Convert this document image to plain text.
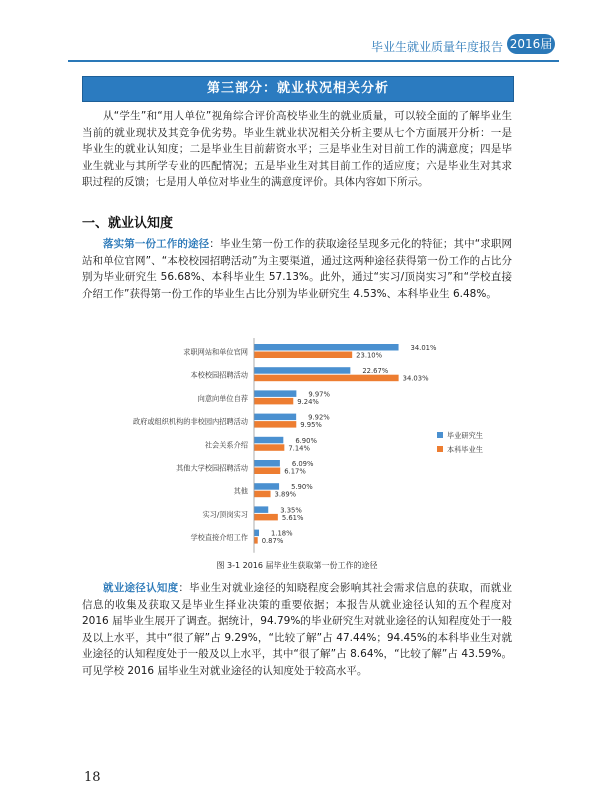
毕业生就业质量年度报告 2016届
第三部分：就业状况相关分析

从“学生”和“用人单位”视角综合评价高校毕业生的就业质量，可以较全面的了解毕业生当前的就业现状及其竞争优劣势。毕业生就业状况相关分析主要从七个方面展开分析：一是毕业生的就业认知度；二是毕业生目前薪资水平；三是毕业生对目前工作的满意度；四是毕业生就业与其所学专业的匹配情况；五是毕业生对其目前工作的适应度；六是毕业生对其求职过程的反馈；七是用人单位对毕业生的满意度评价。具体内容如下所示。

一、就业认知度

落实第一份工作的途径：毕业生第一份工作的获取途径呈现多元化的特征；其中“求职网站和单位官网”、“本校校园招聘活动”为主要渠道，通过这两种途径获得第一份工作的占比分别为毕业研究生 56.68%、本科毕业生 57.13%。此外，通过“实习/顶岗实习”和“学校直接介绍工作”获得第一份工作的毕业生占比分别为毕业研究生 4.53%、本科毕业生 6.48%。

求职网站和单位官网	34.01%
23.10%
本校校园招聘活动	22.67%
34.03%
向意向单位自荐	9.97%
9.24%
政府或组织机构的非校园内招聘活动	9.92%
9.95%
社会关系介绍	6.90%
7.14%
其他大学校园招聘活动	6.09%
6.17%
其他	5.90%
3.89%
实习/顶岗实习	3.35%
5.61%
学校直接介绍工作	1.18%
0.87%
毕业研究生
本科毕业生
图 3-1 2016 届毕业生获取第一份工作的途径

就业途径认知度：毕业生对就业途径的知晓程度会影响其社会需求信息的获取，而就业信息的收集及获取又是毕业生择业决策的重要依据；本报告从就业途径认知的五个程度对 2016 届毕业生展开了调查。据统计，94.79%的毕业研究生对就业途径的认知程度处于一般及以上水平，其中“很了解”占 9.29%，“比较了解”占 47.44%；94.45%的本科毕业生对就业途径的认知程度处于一般及以上水平，其中“很了解”占 8.64%，“比较了解”占 43.59%。可见学校 2016 届毕业生对就业途径的认知度处于较高水平。

18
